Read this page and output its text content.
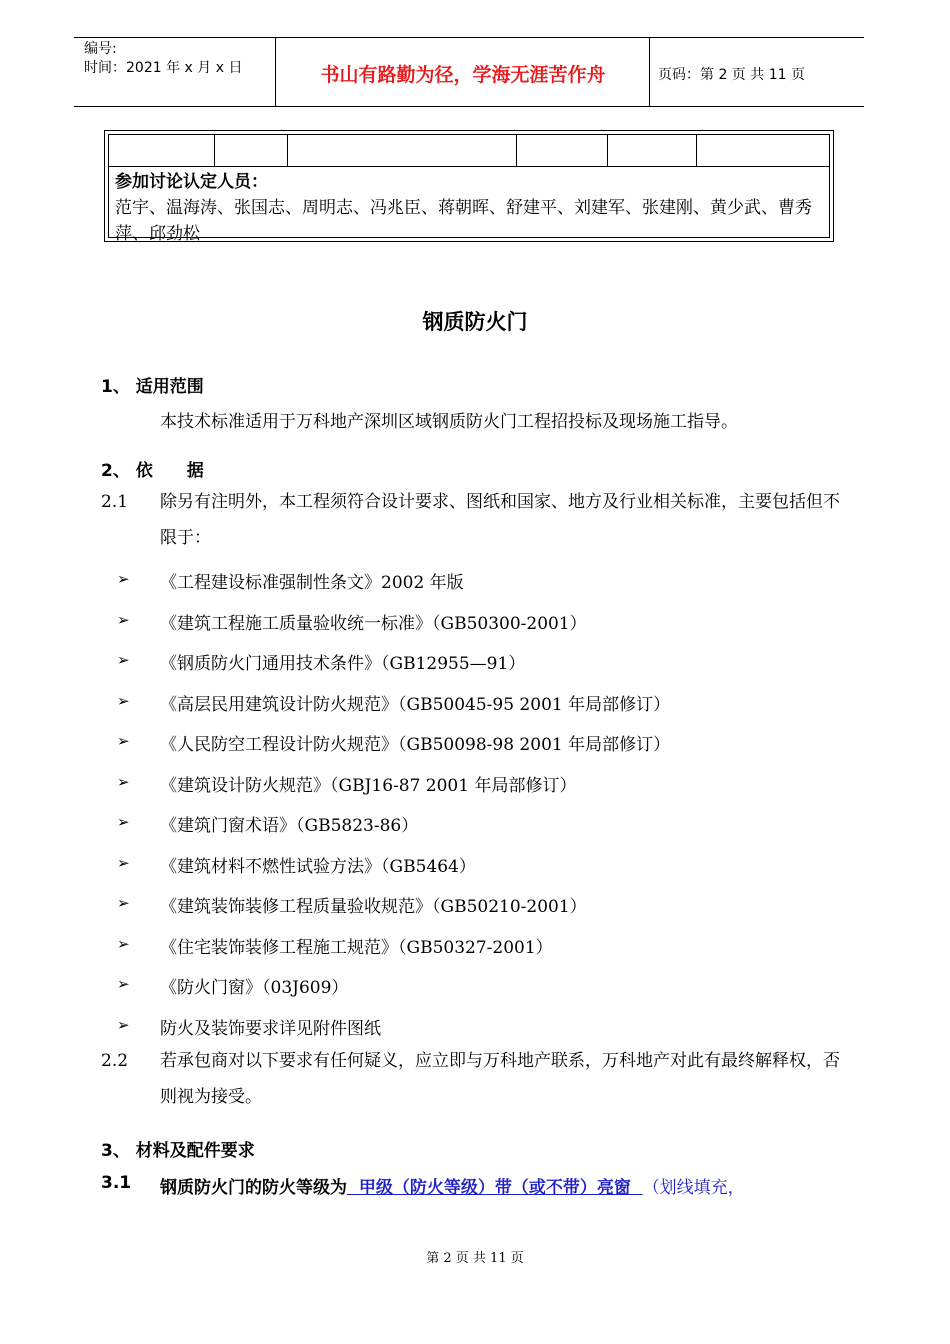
编号:
时间：2021 年 x 月 x 日	书山有路勤为径，学海无涯苦作舟	页码：第 2 页 共 11 页
参加讨论认定人员：
范宇、温海涛、张国志、周明志、冯兆臣、蒋朝晖、舒建平、刘建军、张建刚、黄少武、曹秀萍、邱劲松
钢质防火门
1、 适用范围
本技术标准适用于万科地产深圳区域钢质防火门工程招投标及现场施工指导。
2、 依　　据
2.1 除另有注明外，本工程须符合设计要求、图纸和国家、地方及行业相关标准，主要包括但不限于：
➢ 《工程建设标准强制性条文》2002 年版
➢ 《建筑工程施工质量验收统一标准》（GB50300-2001）
➢ 《钢质防火门通用技术条件》（GB12955—91）
➢ 《高层民用建筑设计防火规范》（GB50045-95 2001 年局部修订）
➢ 《人民防空工程设计防火规范》（GB50098-98 2001 年局部修订）
➢ 《建筑设计防火规范》（GBJ16-87 2001 年局部修订）
➢ 《建筑门窗术语》（GB5823-86）
➢ 《建筑材料不燃性试验方法》（GB5464）
➢ 《建筑装饰装修工程质量验收规范》（GB50210-2001）
➢ 《住宅装饰装修工程施工规范》（GB50327-2001）
➢ 《防火门窗》（03J609）
➢ 防火及装饰要求详见附件图纸
2.2 若承包商对以下要求有任何疑义，应立即与万科地产联系，万科地产对此有最终解释权，否则视为接受。
3、 材料及配件要求
3.1 钢质防火门的防火等级为  甲级（防火等级）带（或不带）亮窗  （划线填充，
第 2 页 共 11 页
